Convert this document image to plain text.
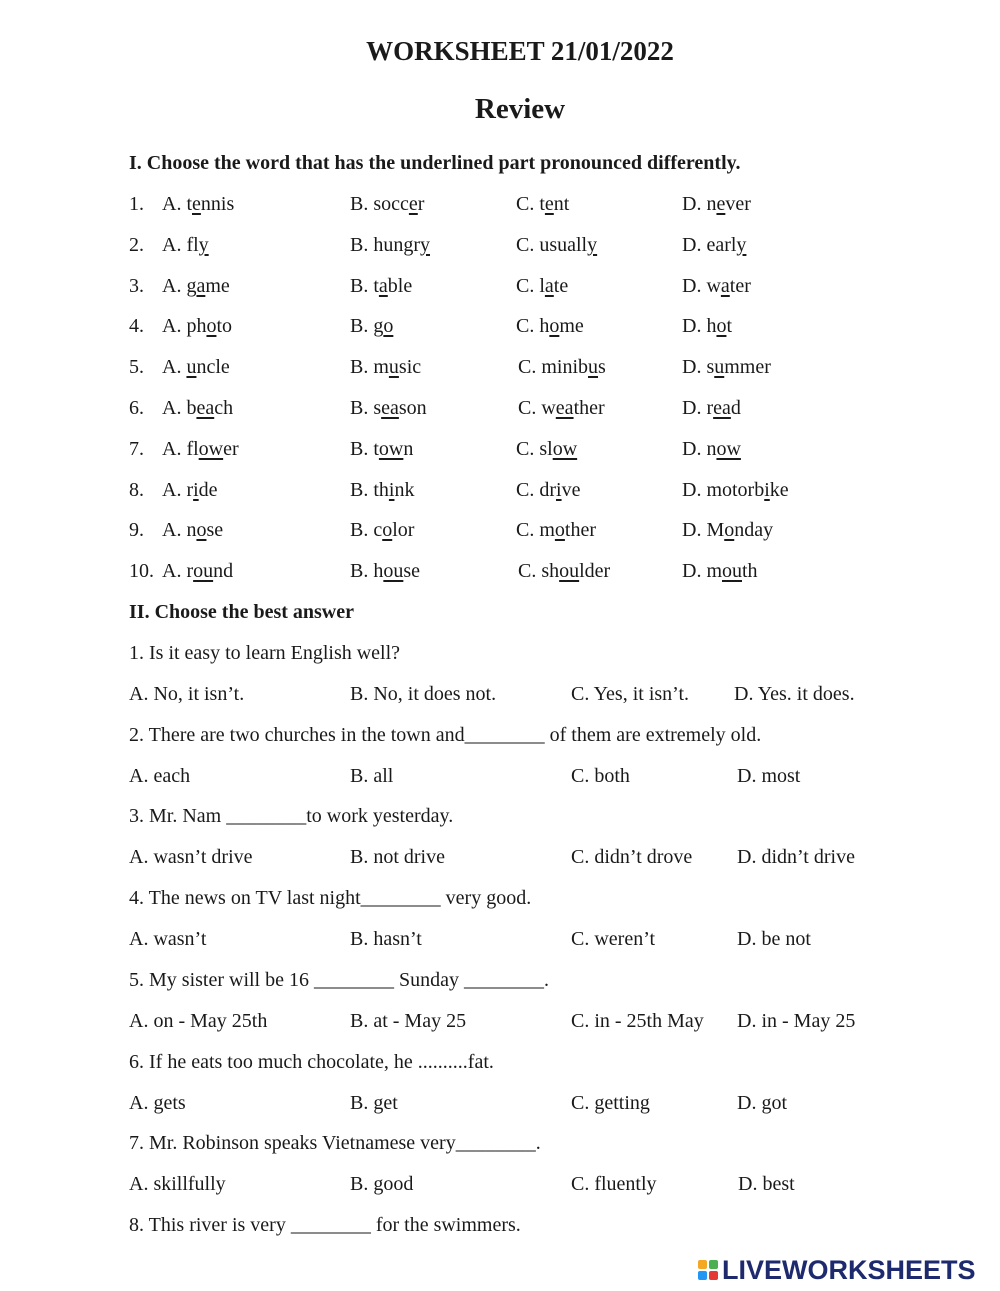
WORKSHEET 21/01/2022
Review
I. Choose the word that has the underlined part pronounced differently.
1. A. tennis	B. soccer	C. tent	D. never
2. A. fly	B. hungry	C. usually	D. early
3. A. game	B. table	C. late	D. water
4. A. photo	B. go	C. home	D. hot
5. A. uncle	B. music	C. minibus	D. summer
6. A. beach	B. season	C. weather	D. read
7. A. flower	B. town	C. slow	D. now
8. A. ride	B. think	C. drive	D. motorbike
9. A. nose	B. color	C. mother	D. Monday
10. A. round	B. house	C. shoulder	D. mouth
II. Choose the best answer
1. Is it easy to learn English well?
A. No, it isn’t.	B. No, it does not.	C. Yes, it isn’t. D. Yes. it does.
2. There are two churches in the town and________ of them are extremely old.
A. each	B. all	C. both	D. most
3. Mr. Nam ________to work yesterday.
A. wasn’t drive	B. not drive	C. didn’t drove D. didn’t drive
4. The news on TV last night________ very good.
A. wasn’t	B. hasn’t	C. weren’t	D. be not
5. My sister will be 16 ________ Sunday ________.
A. on - May 25th	B. at - May 25	C. in - 25th May D. in - May 25
6. If he eats too much chocolate, he ..........fat.
A. gets	B. get	C. getting	D. got
7. Mr. Robinson speaks Vietnamese very________.
A. skillfully	B. good	C. fluently	D. best
8. This river is very ________ for the swimmers.
LIVEWORKSHEETS
